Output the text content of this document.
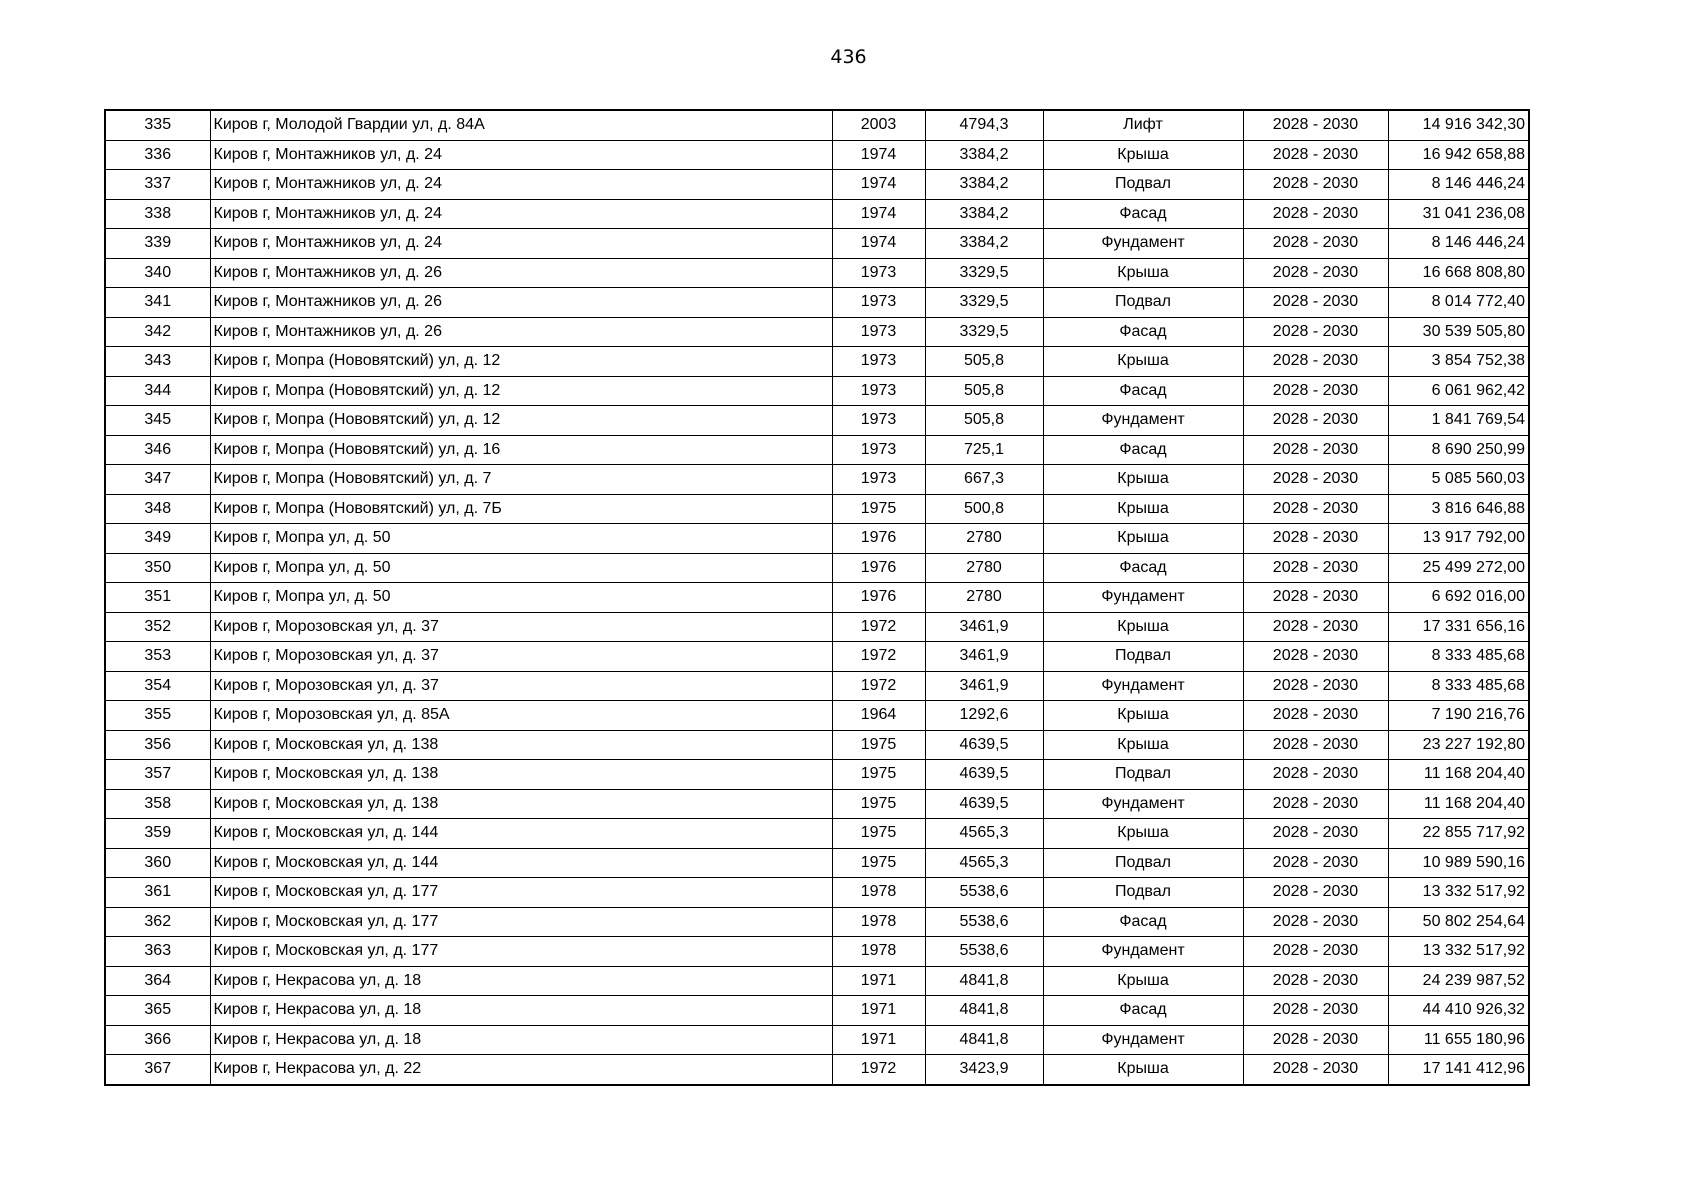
436
335	Киров г, Молодой Гвардии ул, д. 84А	2003	4794,3	Лифт	2028 - 2030	14 916 342,30
336	Киров г, Монтажников ул, д. 24	1974	3384,2	Крыша	2028 - 2030	16 942 658,88
337	Киров г, Монтажников ул, д. 24	1974	3384,2	Подвал	2028 - 2030	8 146 446,24
338	Киров г, Монтажников ул, д. 24	1974	3384,2	Фасад	2028 - 2030	31 041 236,08
339	Киров г, Монтажников ул, д. 24	1974	3384,2	Фундамент	2028 - 2030	8 146 446,24
340	Киров г, Монтажников ул, д. 26	1973	3329,5	Крыша	2028 - 2030	16 668 808,80
341	Киров г, Монтажников ул, д. 26	1973	3329,5	Подвал	2028 - 2030	8 014 772,40
342	Киров г, Монтажников ул, д. 26	1973	3329,5	Фасад	2028 - 2030	30 539 505,80
343	Киров г, Мопра (Нововятский) ул, д. 12	1973	505,8	Крыша	2028 - 2030	3 854 752,38
344	Киров г, Мопра (Нововятский) ул, д. 12	1973	505,8	Фасад	2028 - 2030	6 061 962,42
345	Киров г, Мопра (Нововятский) ул, д. 12	1973	505,8	Фундамент	2028 - 2030	1 841 769,54
346	Киров г, Мопра (Нововятский) ул, д. 16	1973	725,1	Фасад	2028 - 2030	8 690 250,99
347	Киров г, Мопра (Нововятский) ул, д. 7	1973	667,3	Крыша	2028 - 2030	5 085 560,03
348	Киров г, Мопра (Нововятский) ул, д. 7Б	1975	500,8	Крыша	2028 - 2030	3 816 646,88
349	Киров г, Мопра ул, д. 50	1976	2780	Крыша	2028 - 2030	13 917 792,00
350	Киров г, Мопра ул, д. 50	1976	2780	Фасад	2028 - 2030	25 499 272,00
351	Киров г, Мопра ул, д. 50	1976	2780	Фундамент	2028 - 2030	6 692 016,00
352	Киров г, Морозовская ул, д. 37	1972	3461,9	Крыша	2028 - 2030	17 331 656,16
353	Киров г, Морозовская ул, д. 37	1972	3461,9	Подвал	2028 - 2030	8 333 485,68
354	Киров г, Морозовская ул, д. 37	1972	3461,9	Фундамент	2028 - 2030	8 333 485,68
355	Киров г, Морозовская ул, д. 85А	1964	1292,6	Крыша	2028 - 2030	7 190 216,76
356	Киров г, Московская ул, д. 138	1975	4639,5	Крыша	2028 - 2030	23 227 192,80
357	Киров г, Московская ул, д. 138	1975	4639,5	Подвал	2028 - 2030	11 168 204,40
358	Киров г, Московская ул, д. 138	1975	4639,5	Фундамент	2028 - 2030	11 168 204,40
359	Киров г, Московская ул, д. 144	1975	4565,3	Крыша	2028 - 2030	22 855 717,92
360	Киров г, Московская ул, д. 144	1975	4565,3	Подвал	2028 - 2030	10 989 590,16
361	Киров г, Московская ул, д. 177	1978	5538,6	Подвал	2028 - 2030	13 332 517,92
362	Киров г, Московская ул, д. 177	1978	5538,6	Фасад	2028 - 2030	50 802 254,64
363	Киров г, Московская ул, д. 177	1978	5538,6	Фундамент	2028 - 2030	13 332 517,92
364	Киров г, Некрасова ул, д. 18	1971	4841,8	Крыша	2028 - 2030	24 239 987,52
365	Киров г, Некрасова ул, д. 18	1971	4841,8	Фасад	2028 - 2030	44 410 926,32
366	Киров г, Некрасова ул, д. 18	1971	4841,8	Фундамент	2028 - 2030	11 655 180,96
367	Киров г, Некрасова ул, д. 22	1972	3423,9	Крыша	2028 - 2030	17 141 412,96
